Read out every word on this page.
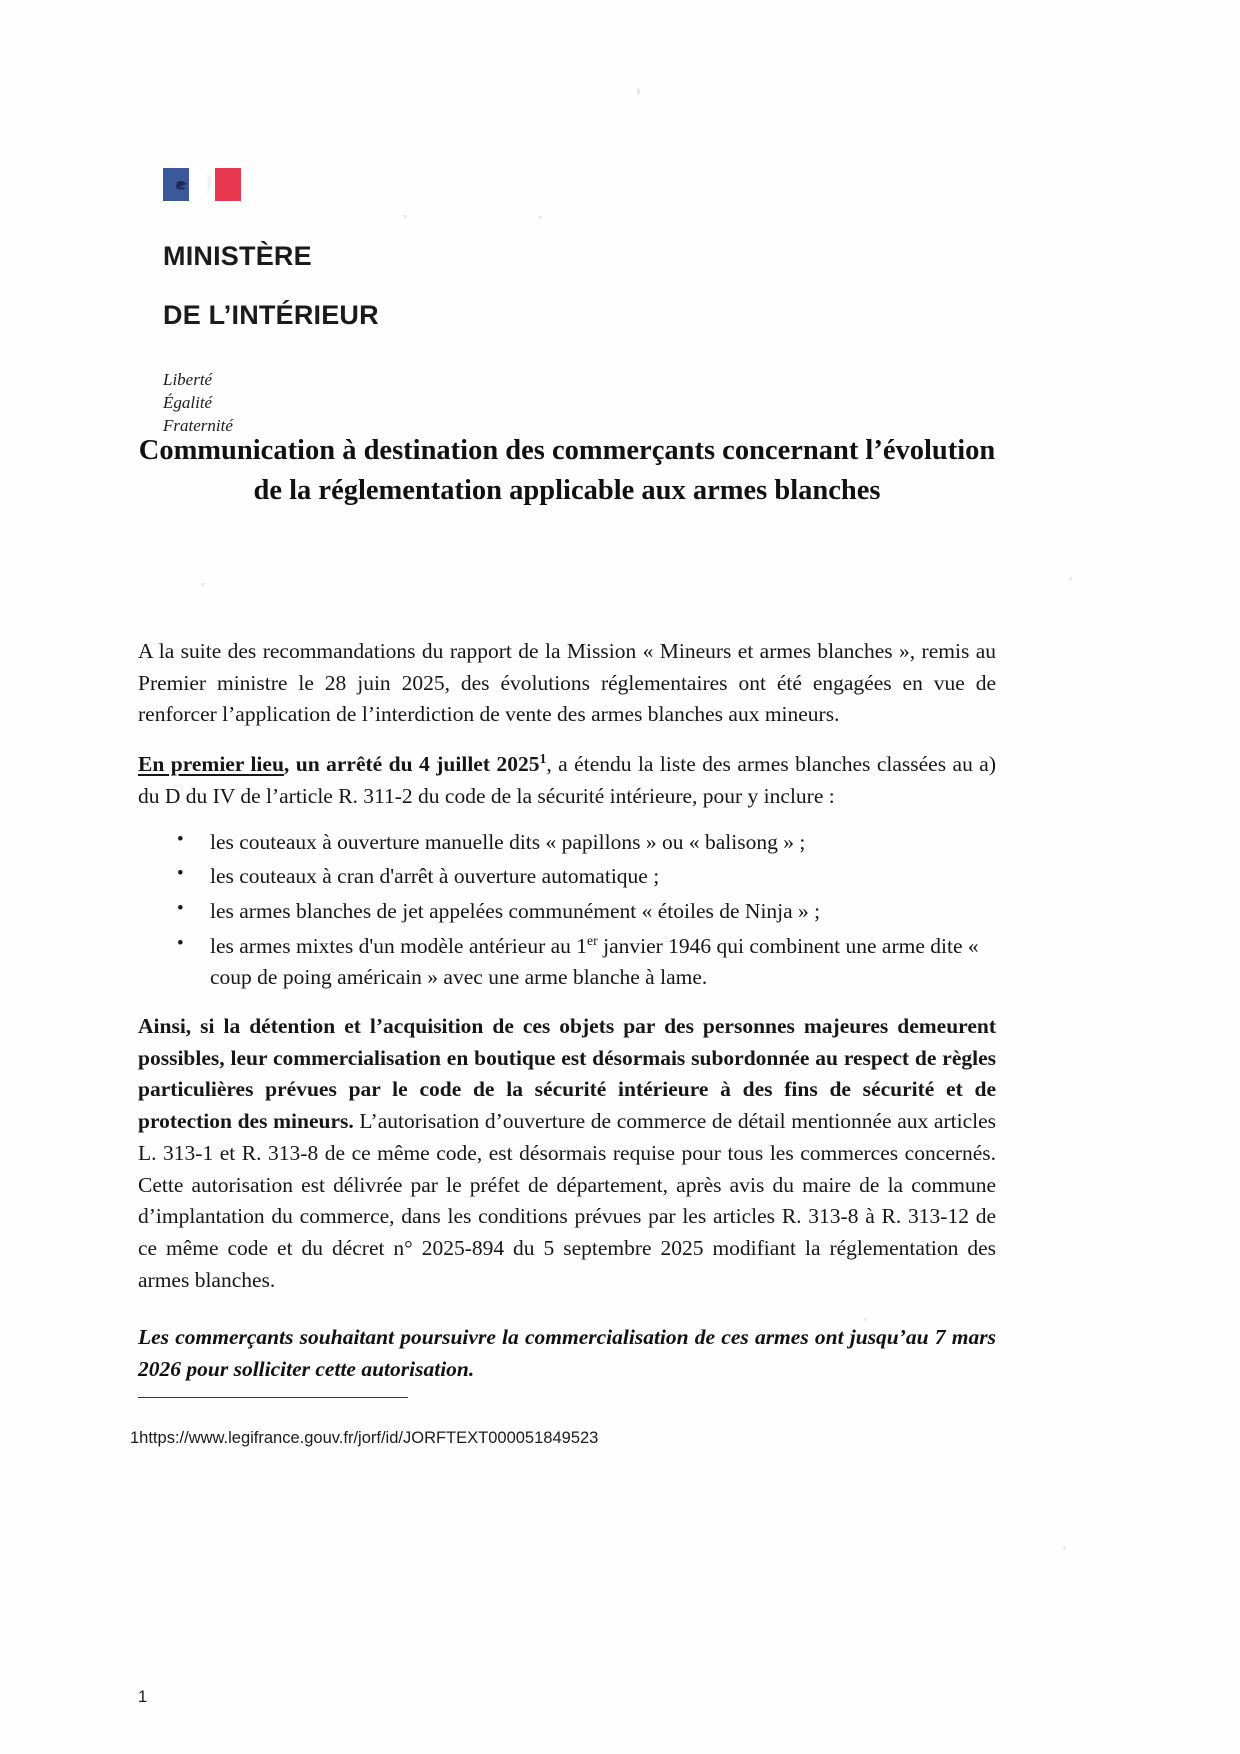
MINISTÈRE

DE L’INTÉRIEUR

Liberté
Égalité
Fraternité
Communication à destination des commerçants concernant l’évolution de la réglementation applicable aux armes blanches

A la suite des recommandations du rapport de la Mission « Mineurs et armes blanches », remis au Premier ministre le 28 juin 2025, des évolutions réglementaires ont été engagées en vue de renforcer l’application de l’interdiction de vente des armes blanches aux mineurs.

En premier lieu, un arrêté du 4 juillet 2025$^1$, a étendu la liste des armes blanches classées au a) du D du IV de l’article R. 311-2 du code de la sécurité intérieure, pour y inclure :

• les couteaux à ouverture manuelle dits « papillons » ou « balisong » ;
• les couteaux à cran d'arrêt à ouverture automatique ;
• les armes blanches de jet appelées communément « étoiles de Ninja » ;
• les armes mixtes d'un modèle antérieur au 1er janvier 1946 qui combinent une arme dite « coup de poing américain » avec une arme blanche à lame.

Ainsi, si la détention et l’acquisition de ces objets par des personnes majeures demeurent possibles, leur commercialisation en boutique est désormais subordonnée au respect de règles particulières prévues par le code de la sécurité intérieure à des fins de sécurité et de protection des mineurs. L’autorisation d’ouverture de commerce de détail mentionnée aux articles L. 313-1 et R. 313-8 de ce même code, est désormais requise pour tous les commerces concernés. Cette autorisation est délivrée par le préfet de département, après avis du maire de la commune d’implantation du commerce, dans les conditions prévues par les articles R. 313-8 à R. 313-12 de ce même code et du décret n° 2025-894 du 5 septembre 2025 modifiant la réglementation des armes blanches.

Les commerçants souhaitant poursuivre la commercialisation de ces armes ont jusqu’au 7 mars 2026 pour solliciter cette autorisation.

1https://www.legifrance.gouv.fr/jorf/id/JORFTEXT000051849523
1
